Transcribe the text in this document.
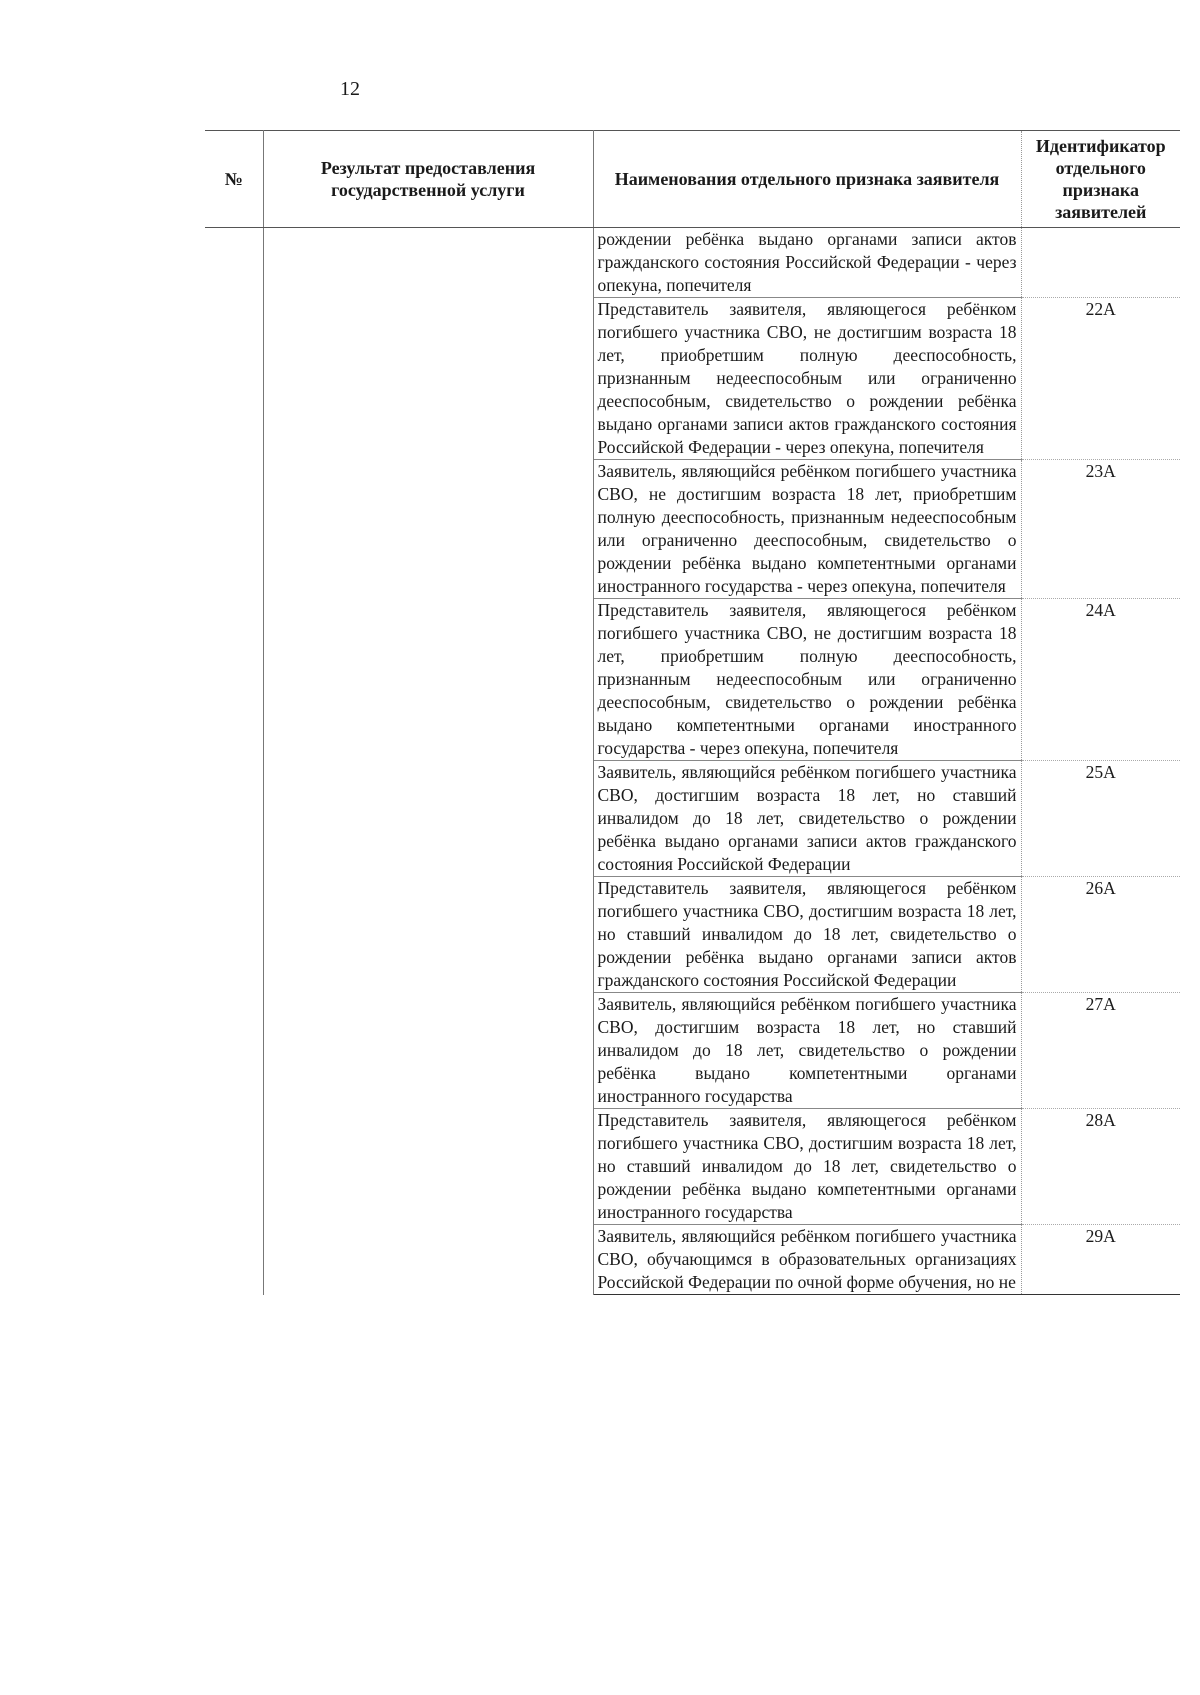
12
№	Результат предоставления государственной услуги	Наименования отдельного признака заявителя	Идентификатор отдельного признака заявителей
		рождении ребёнка выдано органами записи актов гражданского состояния Российской Федерации - через опекуна, попечителя	
		Представитель заявителя, являющегося ребёнком погибшего участника СВО, не достигшим возраста 18 лет, приобретшим полную дееспособность, признанным недееспособным или ограниченно дееспособным, свидетельство о рождении ребёнка выдано органами записи актов гражданского состояния Российской Федерации - через опекуна, попечителя	22А
		Заявитель, являющийся ребёнком погибшего участника СВО, не достигшим возраста 18 лет, приобретшим полную дееспособность, признанным недееспособным или ограниченно дееспособным, свидетельство о рождении ребёнка выдано компетентными органами иностранного государства - через опекуна, попечителя	23А
		Представитель заявителя, являющегося ребёнком погибшего участника СВО, не достигшим возраста 18 лет, приобретшим полную дееспособность, признанным недееспособным или ограниченно дееспособным, свидетельство о рождении ребёнка выдано компетентными органами иностранного государства - через опекуна, попечителя	24А
		Заявитель, являющийся ребёнком погибшего участника СВО, достигшим возраста 18 лет, но ставший инвалидом до 18 лет, свидетельство о рождении ребёнка выдано органами записи актов гражданского состояния Российской Федерации	25А
		Представитель заявителя, являющегося ребёнком погибшего участника СВО, достигшим возраста 18 лет, но ставший инвалидом до 18 лет, свидетельство о рождении ребёнка выдано органами записи актов гражданского состояния Российской Федерации	26А
		Заявитель, являющийся ребёнком погибшего участника СВО, достигшим возраста 18 лет, но ставший инвалидом до 18 лет, свидетельство о рождении ребёнка выдано компетентными органами иностранного государства	27А
		Представитель заявителя, являющегося ребёнком погибшего участника СВО, достигшим возраста 18 лет, но ставший инвалидом до 18 лет, свидетельство о рождении ребёнка выдано компетентными органами иностранного государства	28А
		Заявитель, являющийся ребёнком погибшего участника СВО, обучающимся в образовательных организациях Российской Федерации по очной форме обучения, но не	29А
